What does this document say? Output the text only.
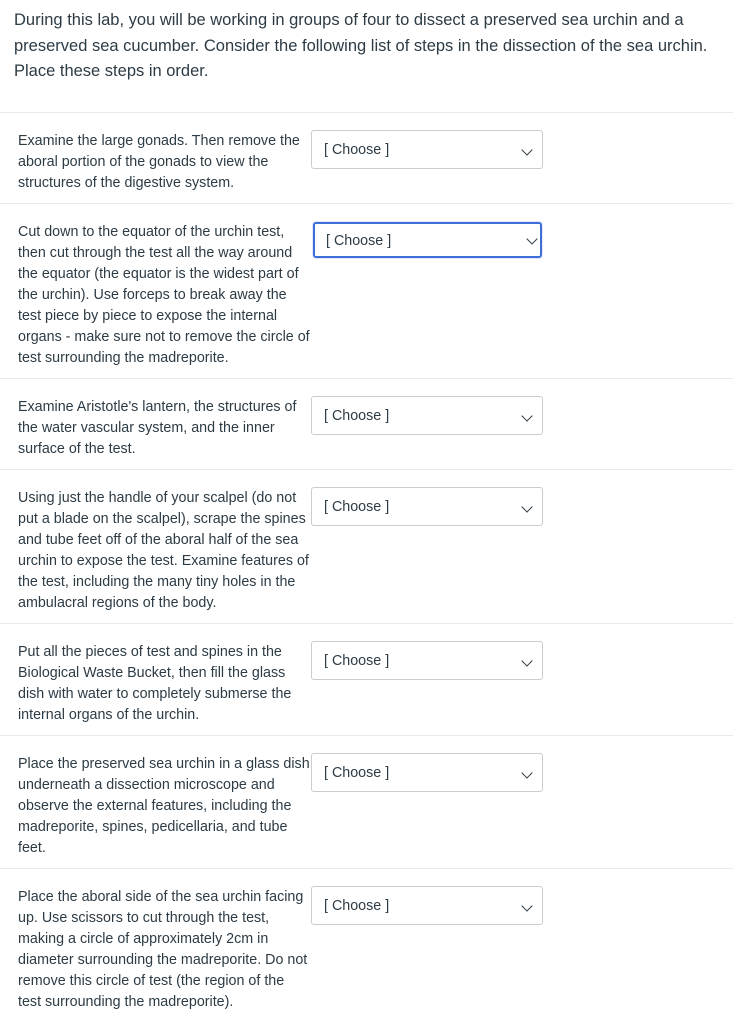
During this lab, you will be working in groups of four to dissect a preserved sea urchin and a preserved sea cucumber. Consider the following list of steps in the dissection of the sea urchin. Place these steps in order.

Examine the large gonads. Then remove the aboral portion of the gonads to view the structures of the digestive system.

[ Choose ]

Cut down to the equator of the urchin test, then cut through the test all the way around the equator (the equator is the widest part of the urchin). Use forceps to break away the test piece by piece to expose the internal organs - make sure not to remove the circle of test surrounding the madreporite.

[ Choose ]

Examine Aristotle's lantern, the structures of the water vascular system, and the inner surface of the test.

[ Choose ]

Using just the handle of your scalpel (do not put a blade on the scalpel), scrape the spines and tube feet off of the aboral half of the sea urchin to expose the test. Examine features of the test, including the many tiny holes in the ambulacral regions of the body.

[ Choose ]

Put all the pieces of test and spines in the Biological Waste Bucket, then fill the glass dish with water to completely submerse the internal organs of the urchin.

[ Choose ]

Place the preserved sea urchin in a glass dish underneath a dissection microscope and observe the external features, including the madreporite, spines, pedicellaria, and tube feet.

[ Choose ]

Place the aboral side of the sea urchin facing up. Use scissors to cut through the test, making a circle of approximately 2cm in diameter surrounding the madreporite. Do not remove this circle of test (the region of the test surrounding the madreporite).

[ Choose ]
